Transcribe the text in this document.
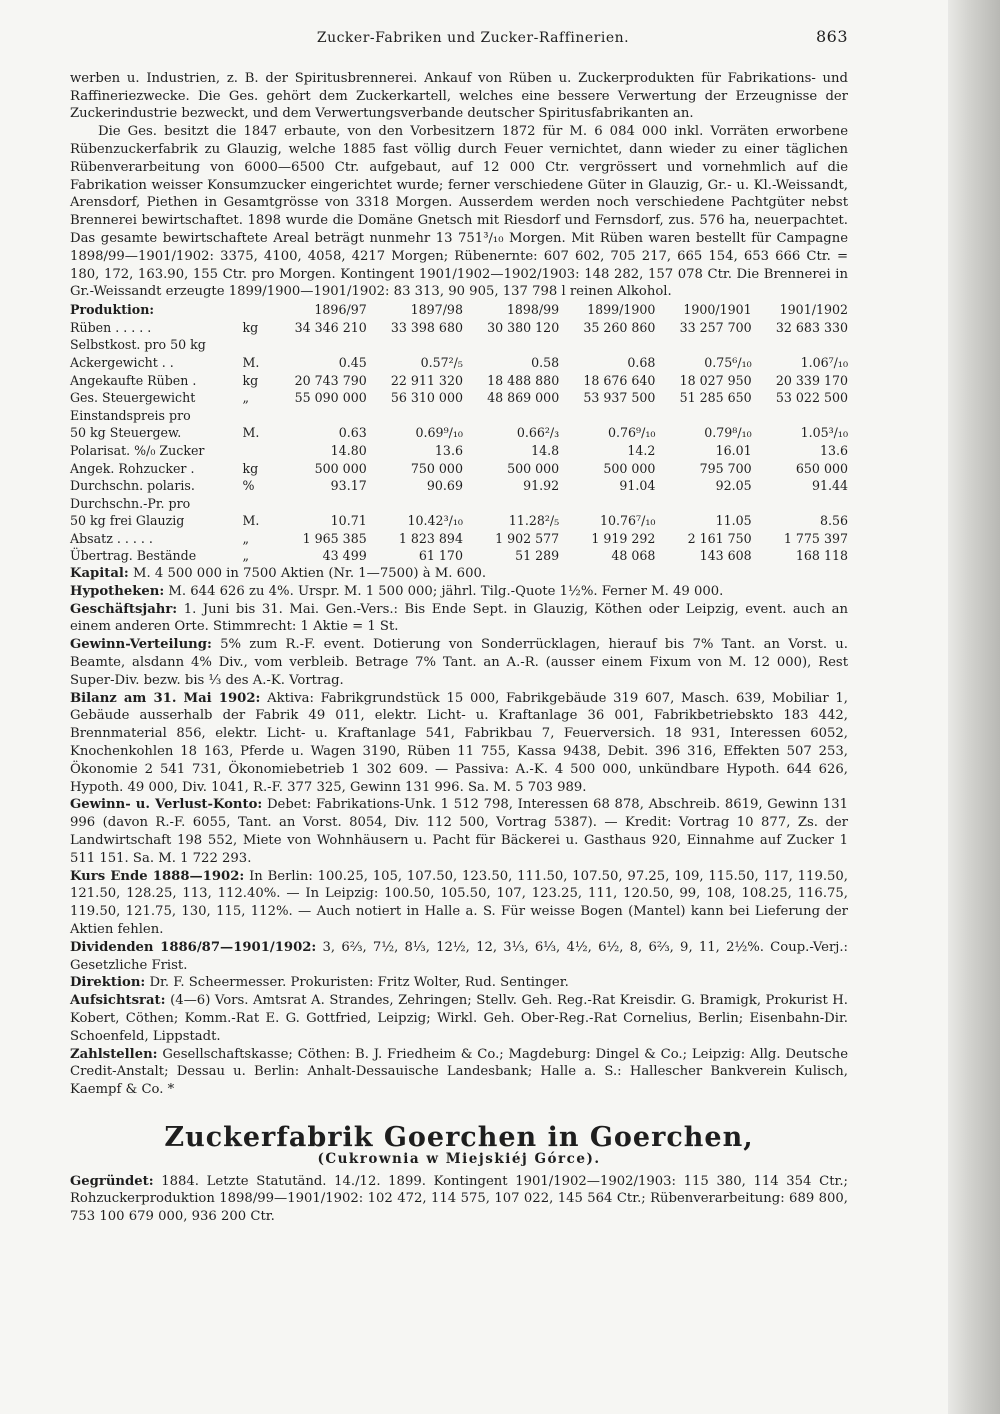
Zucker-Fabriken und Zucker-Raffinerien.	863

werben u. Industrien, z. B. der Spiritusbrennerei. Ankauf von Rüben u. Zuckerprodukten für Fabrikations- und Raffineriezwecke. Die Ges. gehört dem Zuckerkartell, welches eine bessere Verwertung der Erzeugnisse der Zuckerindustrie bezweckt, und dem Verwertungsverbande deutscher Spiritusfabrikanten an.

Die Ges. besitzt die 1847 erbaute, von den Vorbesitzern 1872 für M. 6 084 000 inkl. Vorräten erworbene Rübenzuckerfabrik zu Glauzig, welche 1885 fast völlig durch Feuer vernichtet, dann wieder zu einer täglichen Rübenverarbeitung von 6000—6500 Ctr. aufgebaut, auf 12 000 Ctr. vergrössert und vornehmlich auf die Fabrikation weisser Konsumzucker eingerichtet wurde; ferner verschiedene Güter in Glauzig, Gr.- u. Kl.-Weissandt, Arensdorf, Piethen in Gesamtgrösse von 3318 Morgen. Ausserdem werden noch verschiedene Pachtgüter nebst Brennerei bewirtschaftet. 1898 wurde die Domäne Gnetsch mit Riesdorf und Fernsdorf, zus. 576 ha, neuerpachtet. Das gesamte bewirtschaftete Areal beträgt nunmehr 13 751³/₁₀ Morgen. Mit Rüben waren bestellt für Campagne 1898/99—1901/1902: 3375, 4100, 4058, 4217 Morgen; Rübenernte: 607 602, 705 217, 665 154, 653 666 Ctr. = 180, 172, 163.90, 155 Ctr. pro Morgen. Kontingent 1901/1902—1902/1903: 148 282, 157 078 Ctr. Die Brennerei in Gr.-Weissandt erzeugte 1899/1900—1901/1902: 83 313, 90 905, 137 798 l reinen Alkohol.

Produktion:		1896/97	1897/98	1898/99	1899/1900	1900/1901	1901/1902
Rüben . . . . .	kg	34 346 210	33 398 680	30 380 120	35 260 860	33 257 700	32 683 330
Selbstkost. pro 50 kg							
Ackergewicht . .	M.	0.45	0.57²/₅	0.58	0.68	0.75⁶/₁₀	1.06⁷/₁₀
Angekaufte Rüben .	kg	20 743 790	22 911 320	18 488 880	18 676 640	18 027 950	20 339 170
Ges. Steuergewicht	„	55 090 000	56 310 000	48 869 000	53 937 500	51 285 650	53 022 500
Einstandspreis pro							
50 kg Steuergew.	M.	0.63	0.69⁹/₁₀	0.66²/₃	0.76⁹/₁₀	0.79⁸/₁₀	1.05³/₁₀
Polarisat. %/₀ Zucker		14.80	13.6	14.8	14.2	16.01	13.6
Angek. Rohzucker .	kg	500 000	750 000	500 000	500 000	795 700	650 000
Durchschn. polaris.	%	93.17	90.69	91.92	91.04	92.05	91.44
Durchschn.-Pr. pro							
50 kg frei Glauzig	M.	10.71	10.42³/₁₀	11.28²/₅	10.76⁷/₁₀	11.05	8.56
Absatz . . . . .	„	1 965 385	1 823 894	1 902 577	1 919 292	2 161 750	1 775 397
Übertrag. Bestände	„	43 499	61 170	51 289	48 068	143 608	168 118

Kapital: M. 4 500 000 in 7500 Aktien (Nr. 1—7500) à M. 600.

Hypotheken: M. 644 626 zu 4%. Urspr. M. 1 500 000; jährl. Tilg.-Quote 1½%. Ferner M. 49 000.

Geschäftsjahr: 1. Juni bis 31. Mai. Gen.-Vers.: Bis Ende Sept. in Glauzig, Köthen oder Leipzig, event. auch an einem anderen Orte. Stimmrecht: 1 Aktie = 1 St.

Gewinn-Verteilung: 5% zum R.-F. event. Dotierung von Sonderrücklagen, hierauf bis 7% Tant. an Vorst. u. Beamte, alsdann 4% Div., vom verbleib. Betrage 7% Tant. an A.-R. (ausser einem Fixum von M. 12 000), Rest Super-Div. bezw. bis ⅓ des A.-K. Vortrag.

Bilanz am 31. Mai 1902: Aktiva: Fabrikgrundstück 15 000, Fabrikgebäude 319 607, Masch. 639, Mobiliar 1, Gebäude ausserhalb der Fabrik 49 011, elektr. Licht- u. Kraftanlage 36 001, Fabrikbetriebskto 183 442, Brennmaterial 856, elektr. Licht- u. Kraftanlage 541, Fabrikbau 7, Feuerversich. 18 931, Interessen 6052, Knochenkohlen 18 163, Pferde u. Wagen 3190, Rüben 11 755, Kassa 9438, Debit. 396 316, Effekten 507 253, Ökonomie 2 541 731, Ökonomiebetrieb 1 302 609. — Passiva: A.-K. 4 500 000, unkündbare Hypoth. 644 626, Hypoth. 49 000, Div. 1041, R.-F. 377 325, Gewinn 131 996. Sa. M. 5 703 989.

Gewinn- u. Verlust-Konto: Debet: Fabrikations-Unk. 1 512 798, Interessen 68 878, Abschreib. 8619, Gewinn 131 996 (davon R.-F. 6055, Tant. an Vorst. 8054, Div. 112 500, Vortrag 5387). — Kredit: Vortrag 10 877, Zs. der Landwirtschaft 198 552, Miete von Wohnhäusern u. Pacht für Bäckerei u. Gasthaus 920, Einnahme auf Zucker 1 511 151. Sa. M. 1 722 293.

Kurs Ende 1888—1902: In Berlin: 100.25, 105, 107.50, 123.50, 111.50, 107.50, 97.25, 109, 115.50, 117, 119.50, 121.50, 128.25, 113, 112.40%. — In Leipzig: 100.50, 105.50, 107, 123.25, 111, 120.50, 99, 108, 108.25, 116.75, 119.50, 121.75, 130, 115, 112%. — Auch notiert in Halle a. S. Für weisse Bogen (Mantel) kann bei Lieferung der Aktien fehlen.

Dividenden 1886/87—1901/1902: 3, 6⅔, 7½, 8⅓, 12½, 12, 3⅓, 6⅓, 4½, 6½, 8, 6⅔, 9, 11, 2½%. Coup.-Verj.: Gesetzliche Frist.

Direktion: Dr. F. Scheermesser. Prokuristen: Fritz Wolter, Rud. Sentinger.

Aufsichtsrat: (4—6) Vors. Amtsrat A. Strandes, Zehringen; Stellv. Geh. Reg.-Rat Kreisdir. G. Bramigk, Prokurist H. Kobert, Cöthen; Komm.-Rat E. G. Gottfried, Leipzig; Wirkl. Geh. Ober-Reg.-Rat Cornelius, Berlin; Eisenbahn-Dir. Schoenfeld, Lippstadt.

Zahlstellen: Gesellschaftskasse; Cöthen: B. J. Friedheim & Co.; Magdeburg: Dingel & Co.; Leipzig: Allg. Deutsche Credit-Anstalt; Dessau u. Berlin: Anhalt-Dessauische Landesbank; Halle a. S.: Hallescher Bankverein Kulisch, Kaempf & Co. *

Zuckerfabrik Goerchen in Goerchen,
(Cukrownia w Miejskiéj Górce).

Gegründet: 1884. Letzte Statutänd. 14./12. 1899. Kontingent 1901/1902—1902/1903: 115 380, 114 354 Ctr.; Rohzuckerproduktion 1898/99—1901/1902: 102 472, 114 575, 107 022, 145 564 Ctr.; Rübenverarbeitung: 689 800, 753 100 679 000, 936 200 Ctr.
